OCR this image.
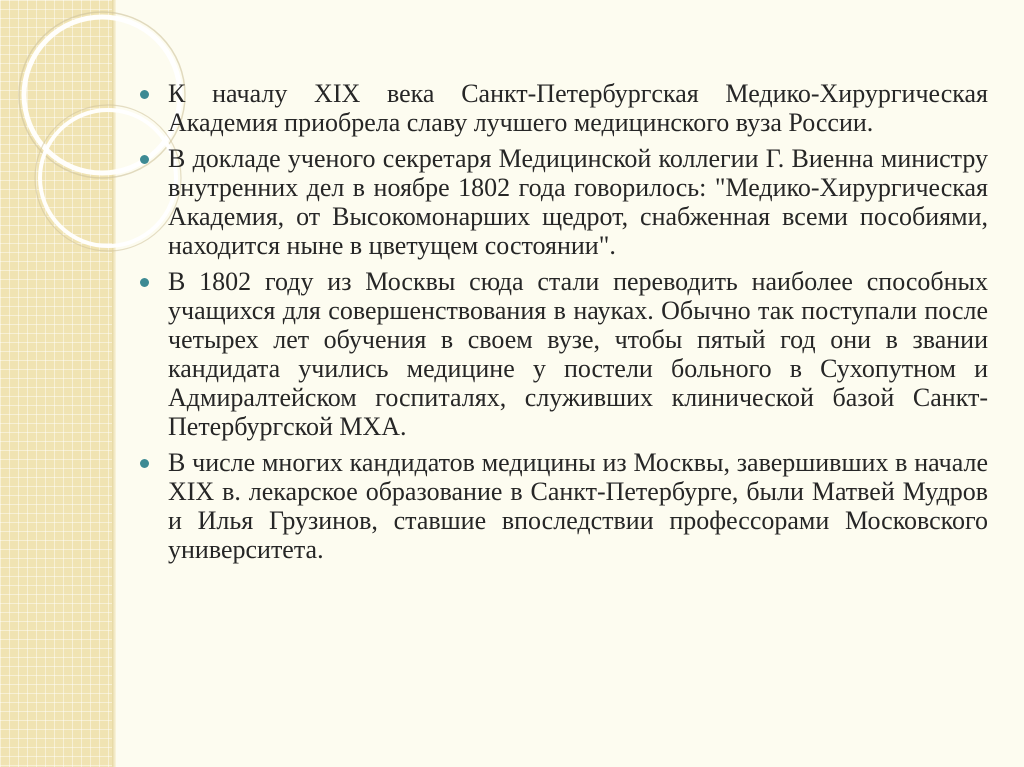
К началу XIX века Санкт-Петербургская Медико-Хирургическая Академия приобрела славу лучшего медицинского вуза России.
В докладе ученого секретаря Медицинской коллегии Г. Виенна министру внутренних дел в ноябре 1802 года говорилось: "Медико-Хирургическая Академия, от Высокомонарших щедрот, снабженная всеми пособиями, находится ныне в цветущем состоянии".
В 1802 году из Москвы сюда стали переводить наиболее способных учащихся для совершенствования в науках. Обычно так поступали после четырех лет обучения в своем вузе, чтобы пятый год они в звании кандидата учились медицине у постели больного в Сухопутном и Адмиралтейском госпиталях, служивших клинической базой Санкт-Петербургской МХА.
В числе многих кандидатов медицины из Москвы, завершивших в начале XIX в. лекарское образование в Санкт-Петербурге, были Матвей Мудров и Илья Грузинов, ставшие впоследствии профессорами Московского университета.
